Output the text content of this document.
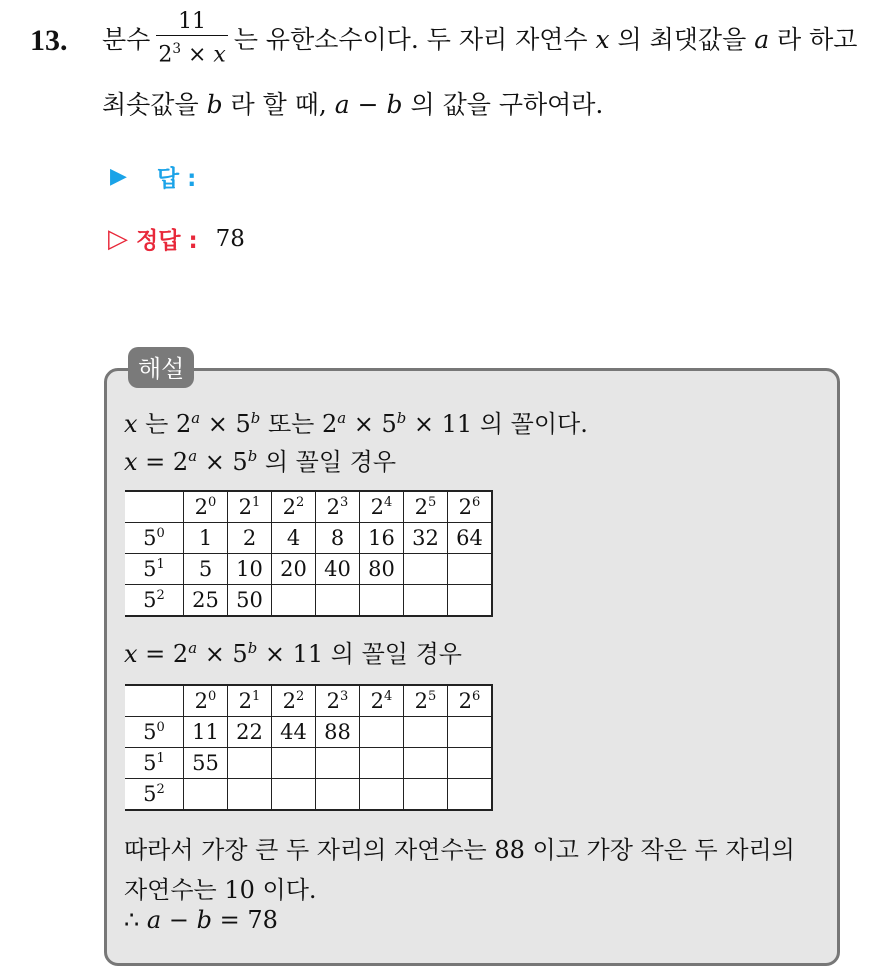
13. 분수 $\frac{11}{2^3 \times x}$ 는 유한소수이다. 두 자리 자연수 x 의 최댓값을 a 라 하고
최솟값을 b 라 할 때, a − b 의 값을 구하여라.
▶ 답 :
▷ 정답 : 78
해설
x 는 $2^a \times 5^b$ 또는 $2^a \times 5^b \times 11$ 의 꼴이다.
$x = 2^a \times 5^b$ 의 꼴일 경우
	$2^0$	$2^1$	$2^2$	$2^3$	$2^4$	$2^5$	$2^6$
$5^0$	1	2	4	8	16	32	64
$5^1$	5	10	20	40	80		
$5^2$	25	50					
$x = 2^a \times 5^b \times 11$ 의 꼴일 경우
	$2^0$	$2^1$	$2^2$	$2^3$	$2^4$	$2^5$	$2^6$
$5^0$	11	22	44	88			
$5^1$	55						
$5^2$							
따라서 가장 큰 두 자리의 자연수는 88 이고 가장 작은 두 자리의
자연수는 10 이다.
∴ a − b = 78
